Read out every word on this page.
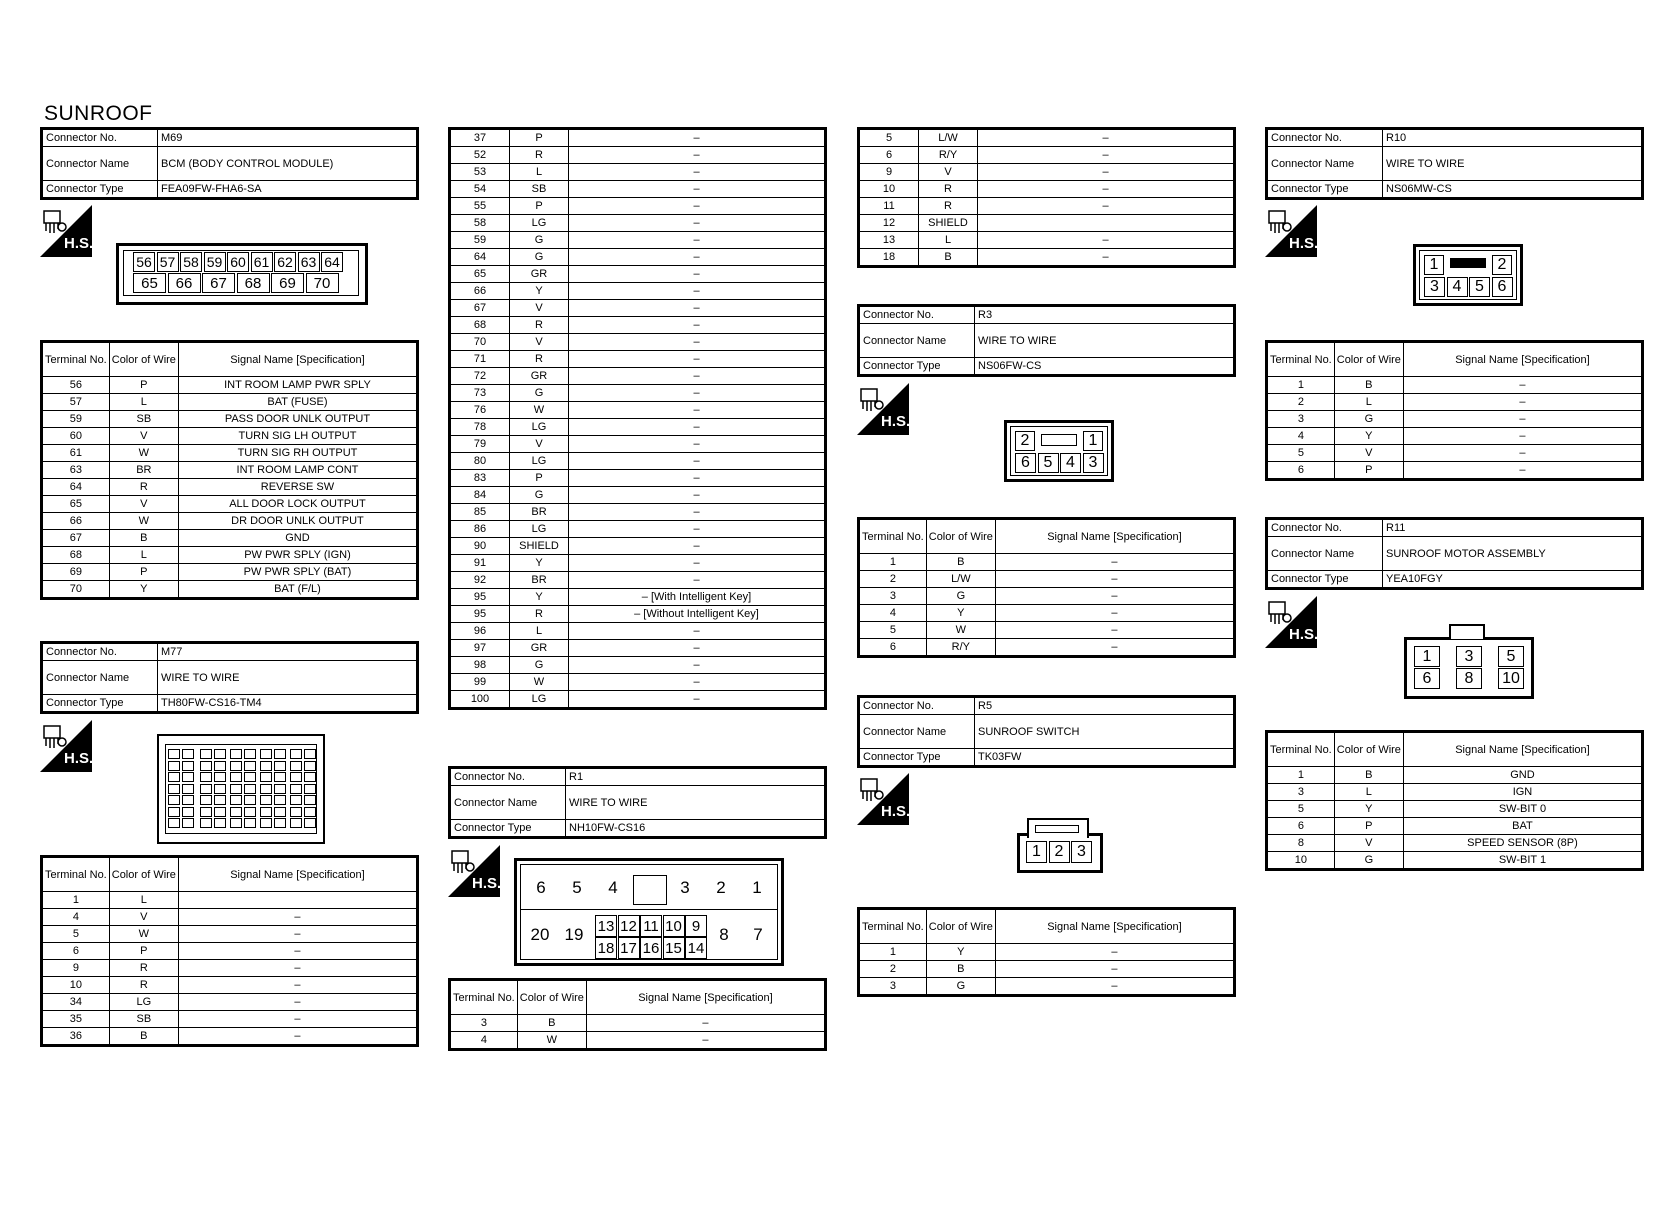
SUNROOF
Connector No.	M69
Connector Name	BCM (BODY CONTROL MODULE)
Connector Type	FEA09FW-FHA6-SA
H.S.
56 57 58 59 60 61 62 63 64
65	66	67	68	69	70
Terminal No.	Color of Wire	Signal Name [Specification]
56	P	INT ROOM LAMP PWR SPLY
57	L	BAT (FUSE)
59	SB	PASS DOOR UNLK OUTPUT
60	V	TURN SIG LH OUTPUT
61	W	TURN SIG RH OUTPUT
63	BR	INT ROOM LAMP CONT
64	R	REVERSE SW
65	V	ALL DOOR LOCK OUTPUT
66	W	DR DOOR UNLK OUTPUT
67	B	GND
68	L	PW PWR SPLY (IGN)
69	P	PW PWR SPLY (BAT)
70	Y	BAT (F/L)
Connector No.	M77
Connector Name	WIRE TO WIRE
Connector Type	TH80FW-CS16-TM4
H.S.
Terminal No.	Color of Wire	Signal Name [Specification]
1	L	
4	V	–
5	W	–
6	P	–
9	R	–
10	R	–
34	LG	–
35	SB	–
36	B	–
37	P	–
52	R	–
53	L	–
54	SB	–
55	P	–
58	LG	–
59	G	–
64	G	–
65	GR	–
66	Y	–
67	V	–
68	R	–
70	V	–
71	R	–
72	GR	–
73	G	–
76	W	–
78	LG	–
79	V	–
80	LG	–
83	P	–
84	G	–
85	BR	–
86	LG	–
90	SHIELD	–
91	Y	–
92	BR	–
95	Y	– [With Intelligent Key]
95	R	– [Without Intelligent Key]
96	L	–
97	GR	–
98	G	–
99	W	–
100	LG	–
Connector No.	R1
Connector Name	WIRE TO WIRE
Connector Type	NH10FW-CS16
H.S.	6	5	4	3	2	1
20 19	8	7
13 12 11 10 9
18 17 16 15 14
Terminal No.	Color of Wire	Signal Name [Specification]
3	B	–
4	W	–
5	L/W	–
6	R/Y	–
9	V	–
10	R	–
11	R	–
12	SHIELD	
13	L	–
18	B	–
Connector No.	R3
Connector Name	WIRE TO WIRE
Connector Type	NS06FW-CS
H.S.
2	1
6 5 4 3
Terminal No.	Color of Wire	Signal Name [Specification]
1	B	–
2	L/W	–
3	G	–
4	Y	–
5	W	–
6	R/Y	–
Connector No.	R5
Connector Name	SUNROOF SWITCH
Connector Type	TK03FW
H.S.
1 2 3
Terminal No.	Color of Wire	Signal Name [Specification]
1	Y	–
2	B	–
3	G	–
Connector No.	R10
Connector Name	WIRE TO WIRE
Connector Type	NS06MW-CS
H.S.
1	2
3 4 5 6
Terminal No.	Color of Wire	Signal Name [Specification]
1	B	–
2	L	–
3	G	–
4	Y	–
5	V	–
6	P	–
Connector No.	R11
Connector Name	SUNROOF MOTOR ASSEMBLY
Connector Type	YEA10FGY
H.S.
1	3	5
6	8	10
Terminal No.	Color of Wire	Signal Name [Specification]
1	B	GND
3	L	IGN
5	Y	SW-BIT 0
6	P	BAT
8	V	SPEED SENSOR (8P)
10	G	SW-BIT 1
